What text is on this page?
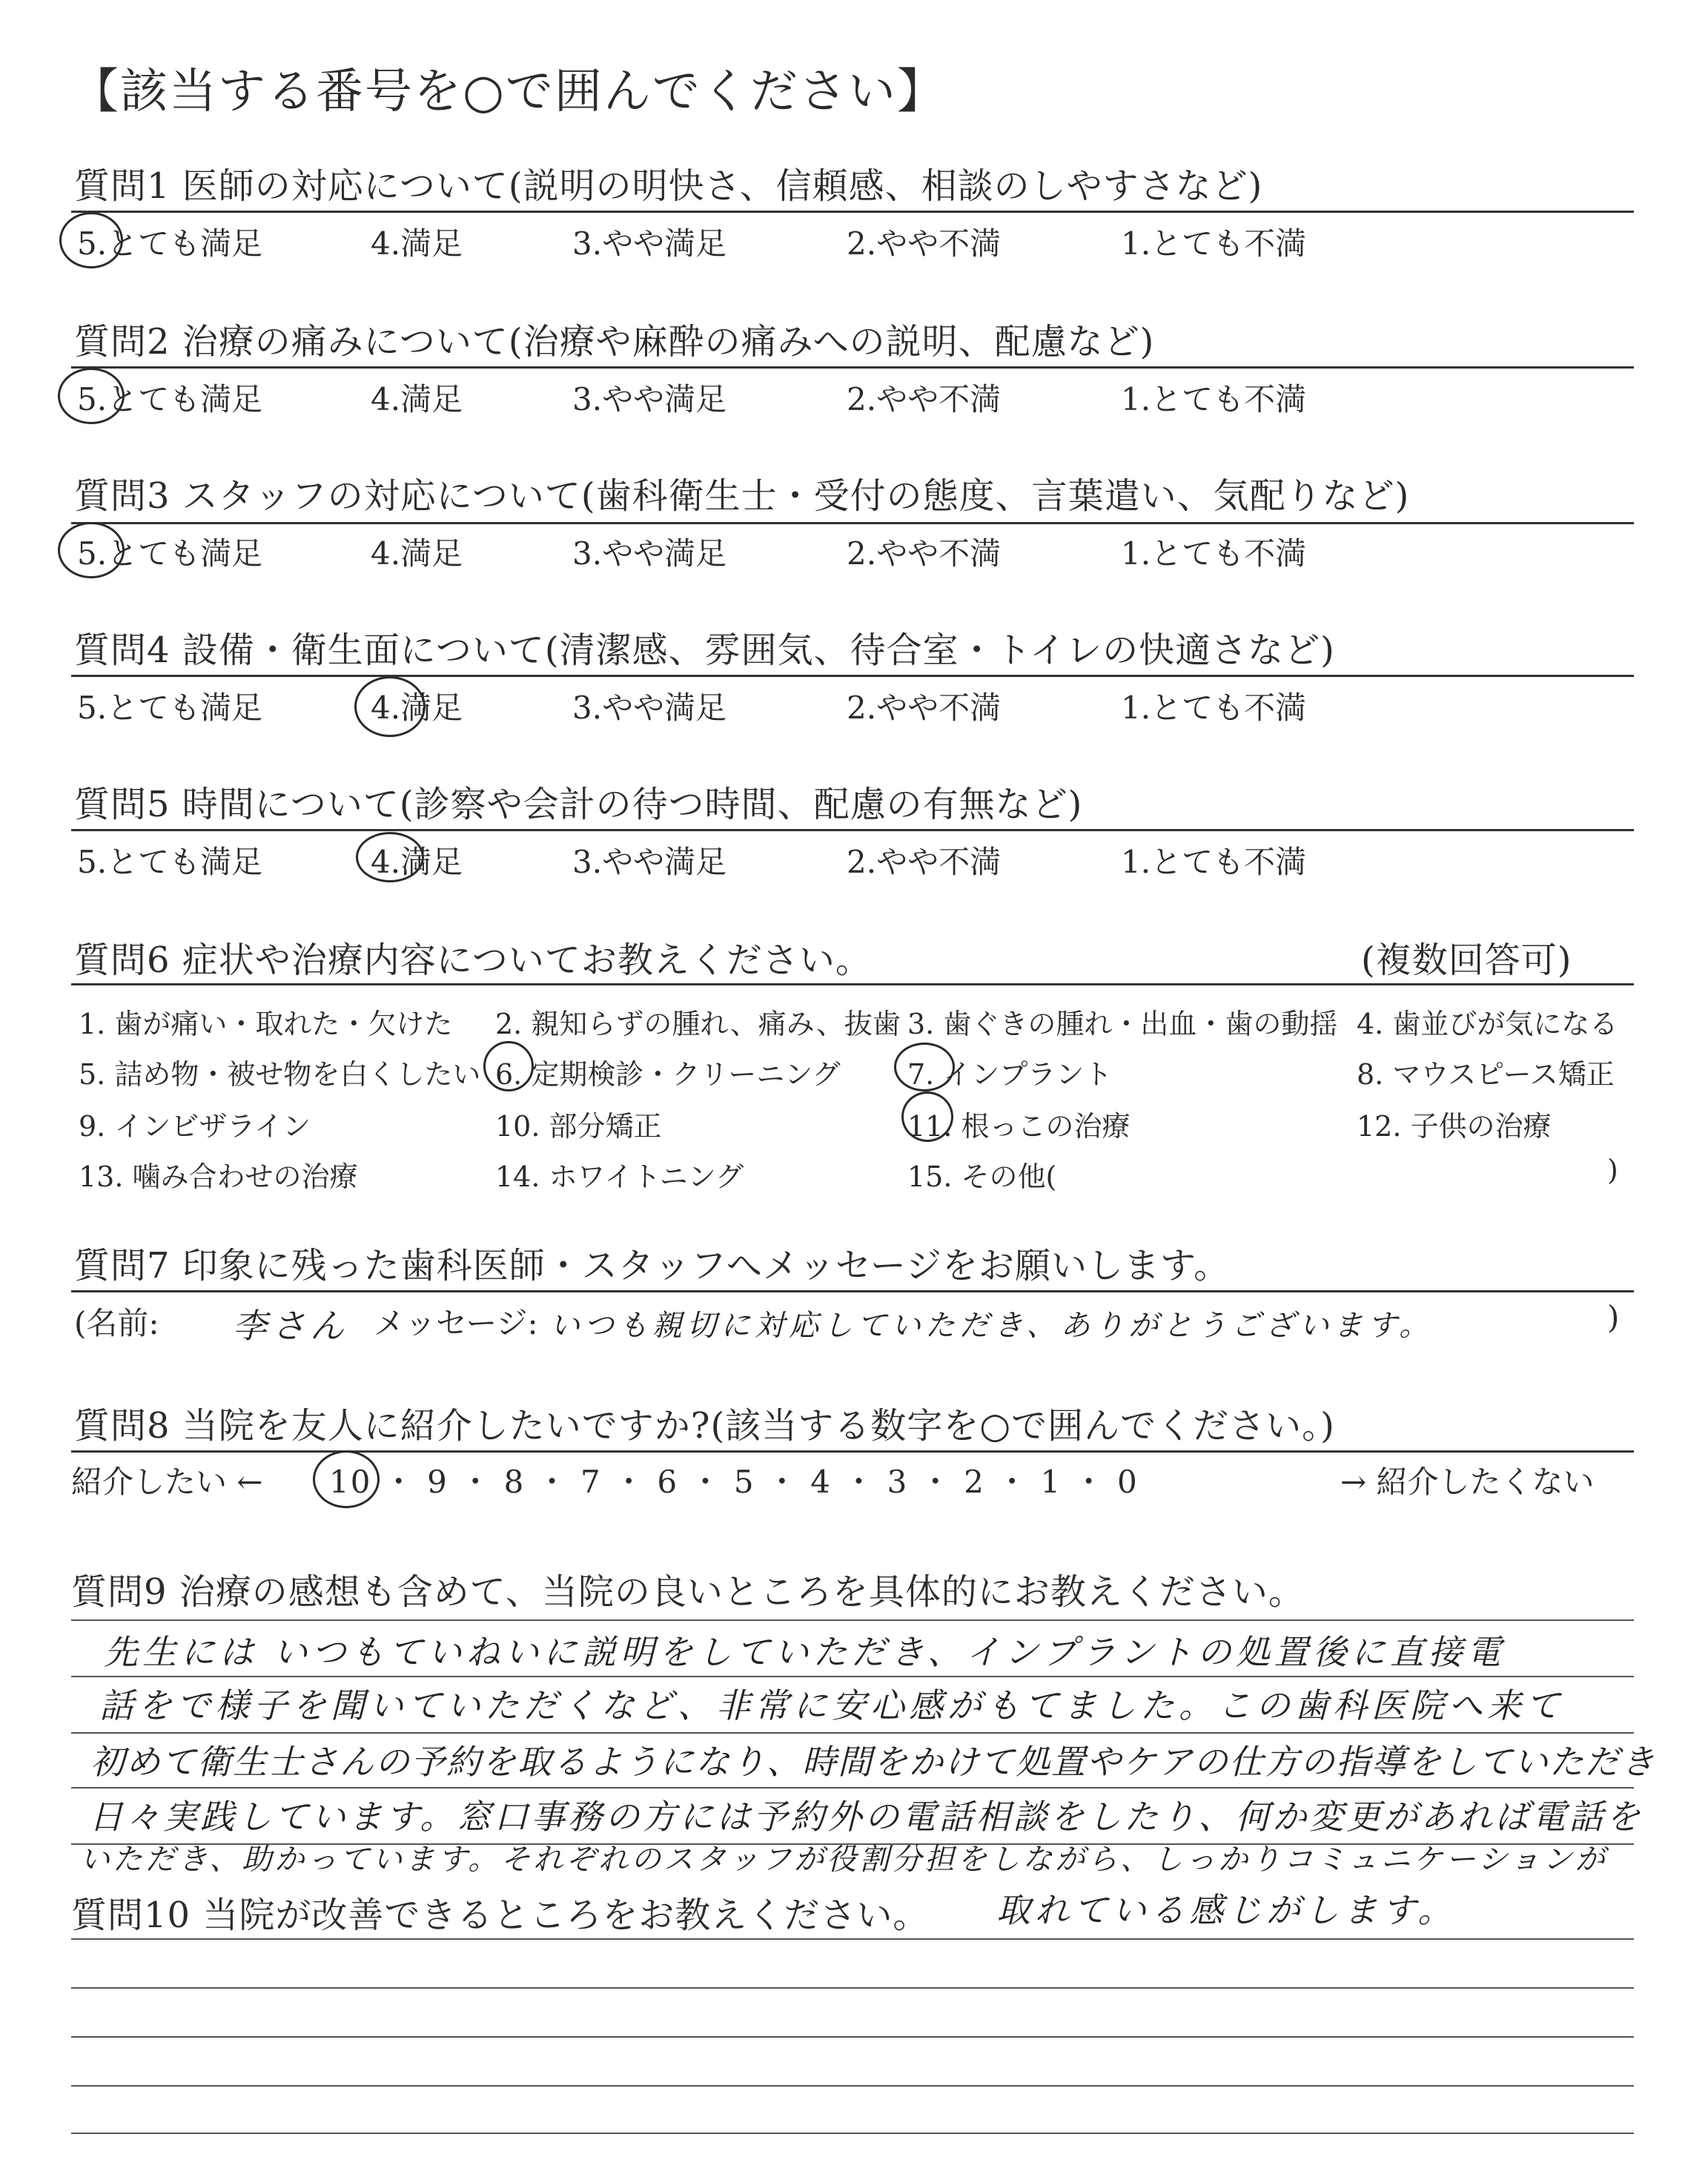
【該当する番号を○で囲んでください】
質問1 医師の対応について(説明の明快さ、信頼感、相談のしやすさなど)
5.とても満足	4.満足	3.やや満足	2.やや不満	1.とても不満
質問2 治療の痛みについて(治療や麻酔の痛みへの説明、配慮など)
5.とても満足	4.満足	3.やや満足	2.やや不満	1.とても不満
質問3 スタッフの対応について(歯科衛生士・受付の態度、言葉遣い、気配りなど)
5.とても満足	4.満足	3.やや満足	2.やや不満	1.とても不満
質問4 設備・衛生面について(清潔感、雰囲気、待合室・トイレの快適さなど)
5.とても満足	4.満足	3.やや満足	2.やや不満	1.とても不満
質問5 時間について(診察や会計の待つ時間、配慮の有無など)
5.とても満足	4.満足	3.やや満足	2.やや不満	1.とても不満
質問6 症状や治療内容についてお教えください。	(複数回答可)
1. 歯が痛い・取れた・欠けた 2. 親知らずの腫れ、痛み、抜歯 3. 歯ぐきの腫れ・出血・歯の動揺 4. 歯並びが気になる
5. 詰め物・被せ物を白くしたい 6. 定期検診・クリーニング 7. インプラント	8. マウスピース矯正
9. インビザライン	10. 部分矯正	11. 根っこの治療	12. 子供の治療
13. 噛み合わせの治療	14. ホワイトニング	15. その他(	)
質問7 印象に残った歯科医師・スタッフへメッセージをお願いします。
(名前: 李さん メッセージ: いつも親切に対応していただき、ありがとうございます。	)
質問8 当院を友人に紹介したいですか?(該当する数字を○で囲んでください。)
紹介したい ← 10 ・ 9 ・ 8 ・ 7 ・ 6 ・ 5 ・ 4 ・ 3 ・ 2 ・ 1 ・ 0	→ 紹介したくない
質問9 治療の感想も含めて、当院の良いところを具体的にお教えください。
先生には いつもていねいに説明をしていただき、インプラントの処置後に直接電
話をで様子を聞いていただくなど、非常に安心感がもてました。この歯科医院へ来て
初めて衛生士さんの予約を取るようになり、時間をかけて処置やケアの仕方の指導をしていただき
日々実践しています。窓口事務の方には予約外の電話相談をしたり、何か変更があれば電話を
いただき、助かっています。それぞれのスタッフが役割分担をしながら、しっかりコミュニケーションが
質問10 当院が改善できるところをお教えください。 取れている感じがします。
